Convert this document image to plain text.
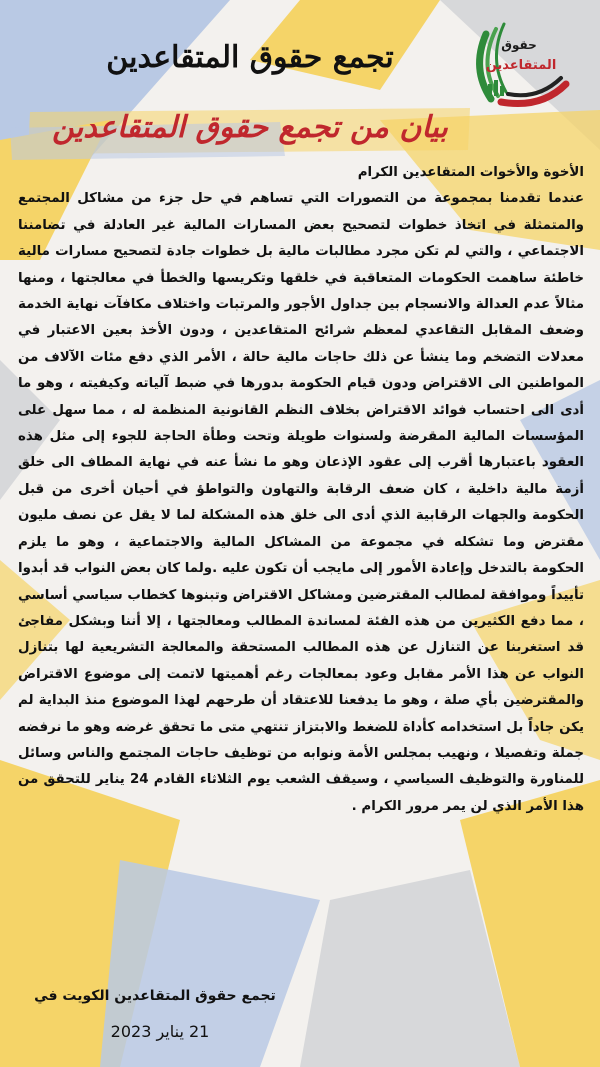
حقوق
المتقاعدين
تجمع حقوق المتقاعدين
بيان من تجمع حقوق المتقاعدين

الأخوة والأخوات المتقاعدين الكرام

عندما تقدمنا بمجموعة من التصورات التي تساهم في حل جزء من مشاكل المجتمع والمتمثلة في اتخاذ خطوات لتصحيح بعض المسارات المالية غير العادلة في تضامننا الاجتماعي ، والتي لم تكن مجرد مطالبات مالية بل خطوات جادة لتصحيح مسارات مالية خاطئة ساهمت الحكومات المتعاقبة في خلقها وتكريسها والخطأ في معالجتها ، ومنها مثالاً عدم العدالة والانسجام بين جداول الأجور والمرتبات واختلاف مكافآت نهاية الخدمة وضعف المقابل التقاعدي لمعظم شرائح المتقاعدين ، ودون الأخذ بعين الاعتبار في معدلات التضخم وما ينشأ عن ذلك حاجات مالية حالة ، الأمر الذي دفع مئات الآلاف من المواطنين الى الاقتراض ودون قيام الحكومة بدورها في ضبط آلياته وكيفيته ، وهو ما أدى الى احتساب فوائد الاقتراض بخلاف النظم القانونية المنظمة له ، مما سهل على المؤسسات المالية المقرضة ولسنوات طويلة وتحت وطأة الحاجة للجوء إلى مثل هذه العقود باعتبارها أقرب إلى عقود الإذعان وهو ما نشأ عنه في نهاية المطاف الى خلق أزمة مالية داخلية ، كان ضعف الرقابة والتهاون والتواطؤ في أحيان أخرى من قبل الحكومة والجهات الرقابية الذي أدى الى خلق هذه المشكلة لما لا يقل عن نصف مليون مقترض وما تشكله في مجموعة من المشاكل المالية والاجتماعية ، وهو ما يلزم الحكومة بالتدخل وإعادة الأمور إلى مايجب أن تكون عليه .ولما كان بعض النواب قد أبدوا تأييداً وموافقة لمطالب المقترضين ومشاكل الاقتراض وتبنوها كخطاب سياسي أساسي ، مما دفع الكثيرين من هذه الفئة لمساندة المطالب ومعالجتها ، إلا أننا وبشكل مفاجئ قد استغربنا عن التنازل عن هذه المطالب المستحقة والمعالجة التشريعية لها بتنازل النواب عن هذا الأمر مقابل وعود بمعالجات رغم أهميتها لاتمت إلى موضوع الاقتراض والمقترضين بأي صلة ، وهو ما يدفعنا للاعتقاد أن طرحهم لهذا الموضوع منذ البداية لم يكن جاداً بل استخدامه كأداة للضغط والابتزاز تنتهي متى ما تحقق غرضه وهو ما نرفضه جملة وتفصيلا ، ونهيب بمجلس الأمة ونوابه من توظيف حاجات المجتمع والناس وسائل للمناورة والتوظيف السياسي ، وسيقف الشعب يوم الثلاثاء القادم 24 يناير للتحقق من هذا الأمر الذي لن يمر مرور الكرام .

تجمع حقوق المتقاعدين الكويت في
21 يناير 2023
